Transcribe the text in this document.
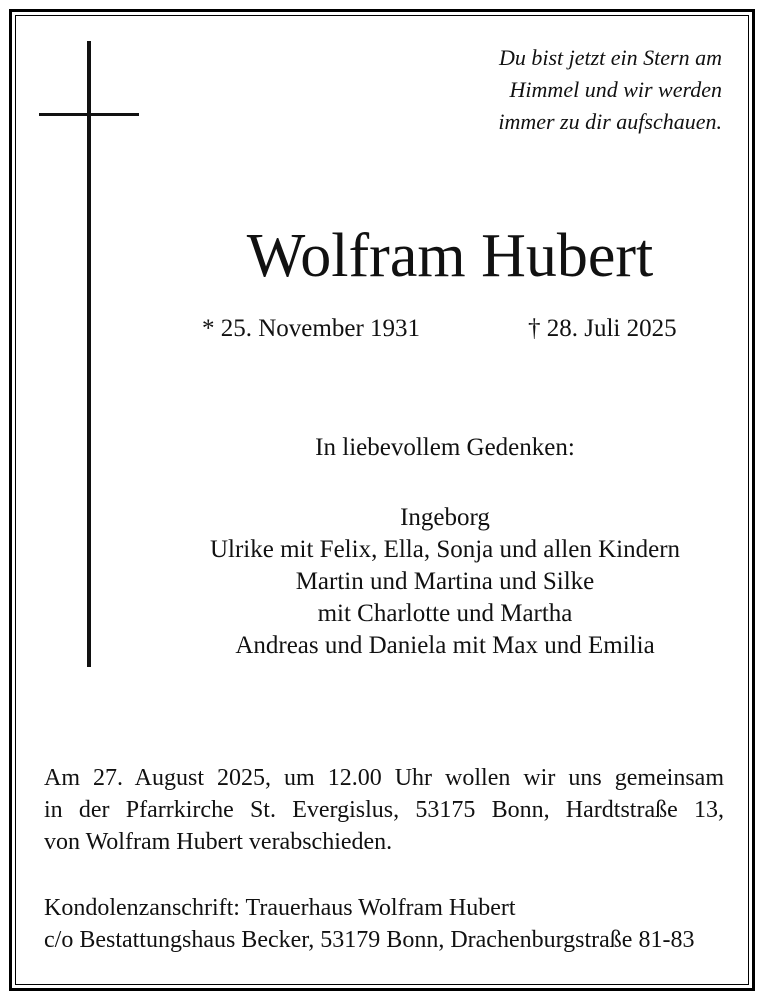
Du bist jetzt ein Stern am
Himmel und wir werden
immer zu dir aufschauen.
Wolfram Hubert
* 25. November 1931	† 28. Juli 2025
In liebevollem Gedenken:
Ingeborg
Ulrike mit Felix, Ella, Sonja und allen Kindern
Martin und Martina und Silke
mit Charlotte und Martha
Andreas und Daniela mit Max und Emilia
Am 27. August 2025, um 12.00 Uhr wollen wir uns gemeinsam
in der Pfarrkirche St. Evergislus, 53175 Bonn, Hardtstraße 13,
von Wolfram Hubert verabschieden.
Kondolenzanschrift: Trauerhaus Wolfram Hubert
c/o Bestattungshaus Becker, 53179 Bonn, Drachenburgstraße 81-83
